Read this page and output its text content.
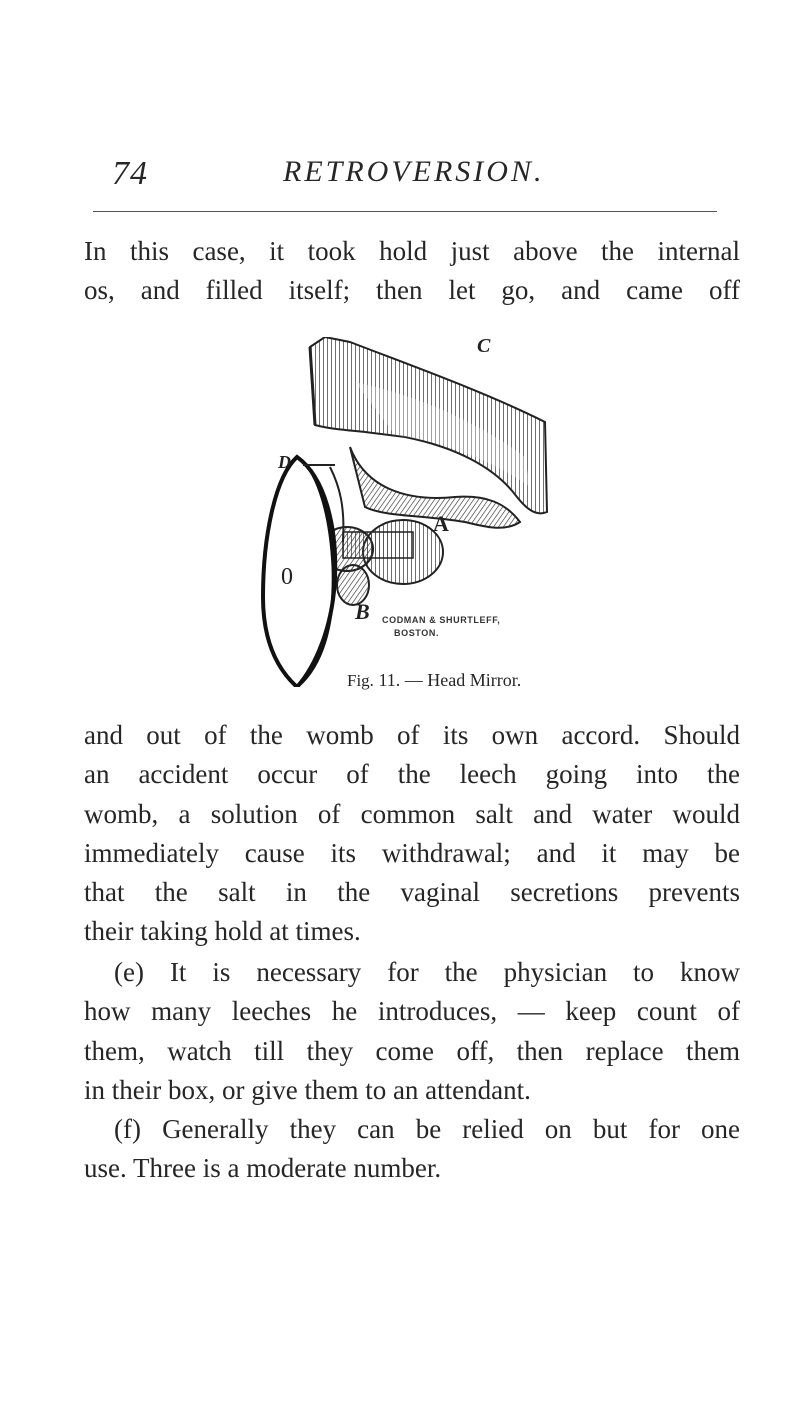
74	RETROVERSION.
In this case, it took hold just above the internal
os, and filled itself; then let go, and came off
C
D
A
B
0
CODMAN & SHURTLEFF,
BOSTON.
Fig. 11. — Head Mirror.
and out of the womb of its own accord. Should
an accident occur of the leech going into the
womb, a solution of common salt and water would
immediately cause its withdrawal; and it may be
that the salt in the vaginal secretions prevents
their taking hold at times.
(e) It is necessary for the physician to know
how many leeches he introduces, — keep count of
them, watch till they come off, then replace them
in their box, or give them to an attendant.
(f) Generally they can be relied on but for one
use. Three is a moderate number.
